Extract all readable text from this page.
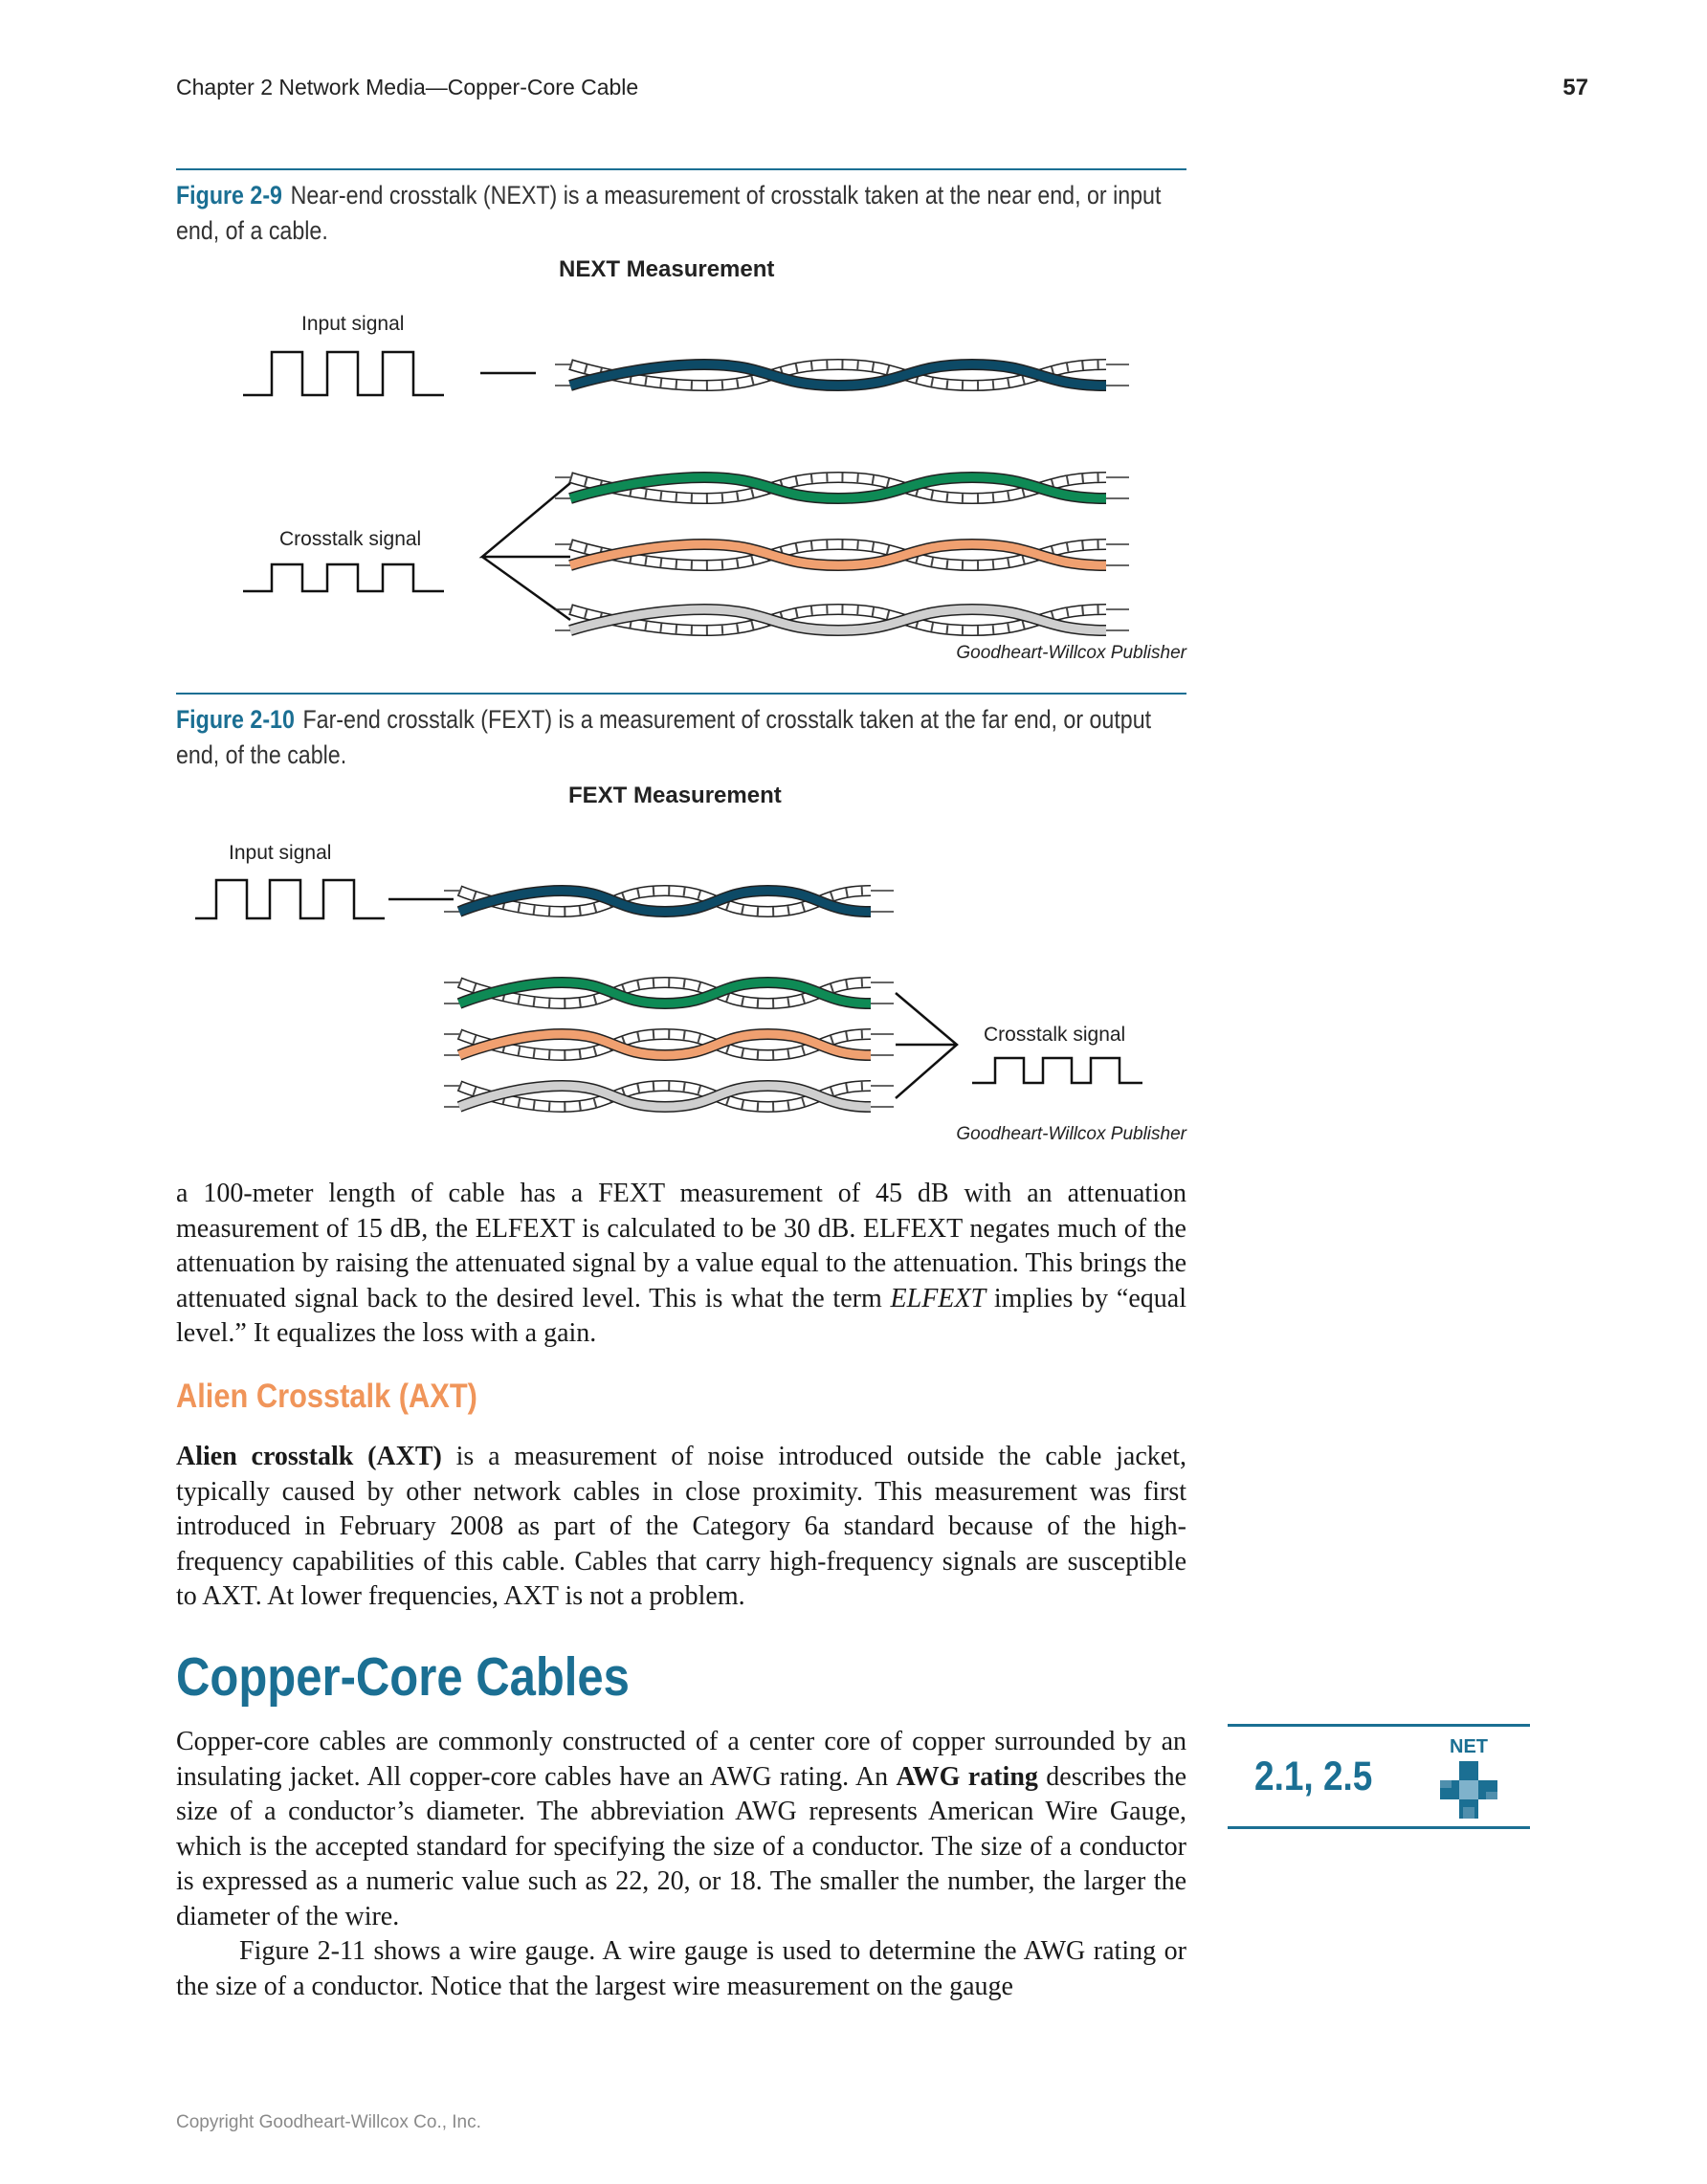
Chapter 2 Network Media—Copper-Core Cable	57
Figure 2-9 Near-end crosstalk (NEXT) is a measurement of crosstalk taken at the near end, or input end, of a cable.
NEXT Measurement
Input signal
Crosstalk signal
Goodheart-Willcox Publisher
Figure 2-10 Far-end crosstalk (FEXT) is a measurement of crosstalk taken at the far end, or output end, of the cable.
FEXT Measurement
Input signal
Crosstalk signal
Goodheart-Willcox Publisher

a 100-meter length of cable has a FEXT measurement of 45 dB with an attenuation measurement of 15 dB, the ELFEXT is calculated to be 30 dB. ELFEXT negates much of the attenuation by raising the attenuated signal by a value equal to the attenuation. This brings the attenuated signal back to the desired level. This is what the term ELFEXT implies by “equal level.” It equalizes the loss with a gain.

Alien Crosstalk (AXT)

Alien crosstalk (AXT) is a measurement of noise introduced outside the cable jacket, typically caused by other network cables in close proximity. This measurement was first introduced in February 2008 as part of the Category 6a standard because of the high-frequency capabilities of this cable. Cables that carry high-frequency signals are susceptible to AXT. At lower frequencies, AXT is not a problem.

Copper-Core Cables

Copper-core cables are commonly constructed of a center core of copper surrounded by an insulating jacket. All copper-core cables have an AWG rating. An AWG rating describes the size of a conductor’s diameter. The abbreviation AWG represents American Wire Gauge, which is the accepted standard for specifying the size of a conductor. The size of a conductor is expressed as a numeric value such as 22, 20, or 18. The smaller the number, the larger the diameter of the wire.

Figure 2-11 shows a wire gauge. A wire gauge is used to determine the AWG rating or the size of a conductor. Notice that the largest wire measurement on the gauge

2.1, 2.5
NET
Copyright Goodheart-Willcox Co., Inc.
